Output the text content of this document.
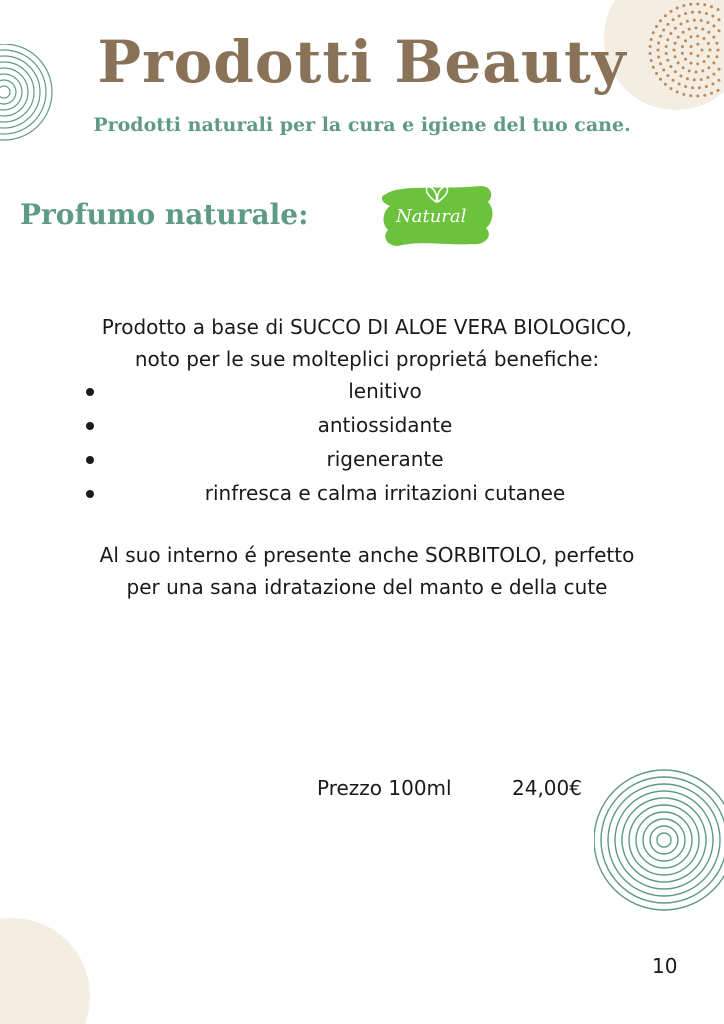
Prodotti Beauty
Prodotti naturali per la cura e igiene del tuo cane.
Profumo naturale:	Natural
Prodotto a base di SUCCO DI ALOE VERA BIOLOGICO,
noto per le sue molteplici proprietá benefiche:
lenitivo
antiossidante
rigenerante
rinfresca e calma irritazioni cutanee
Al suo interno é presente anche SORBITOLO, perfetto
per una sana idratazione del manto e della cute
Prezzo 100ml	24,00€
10
